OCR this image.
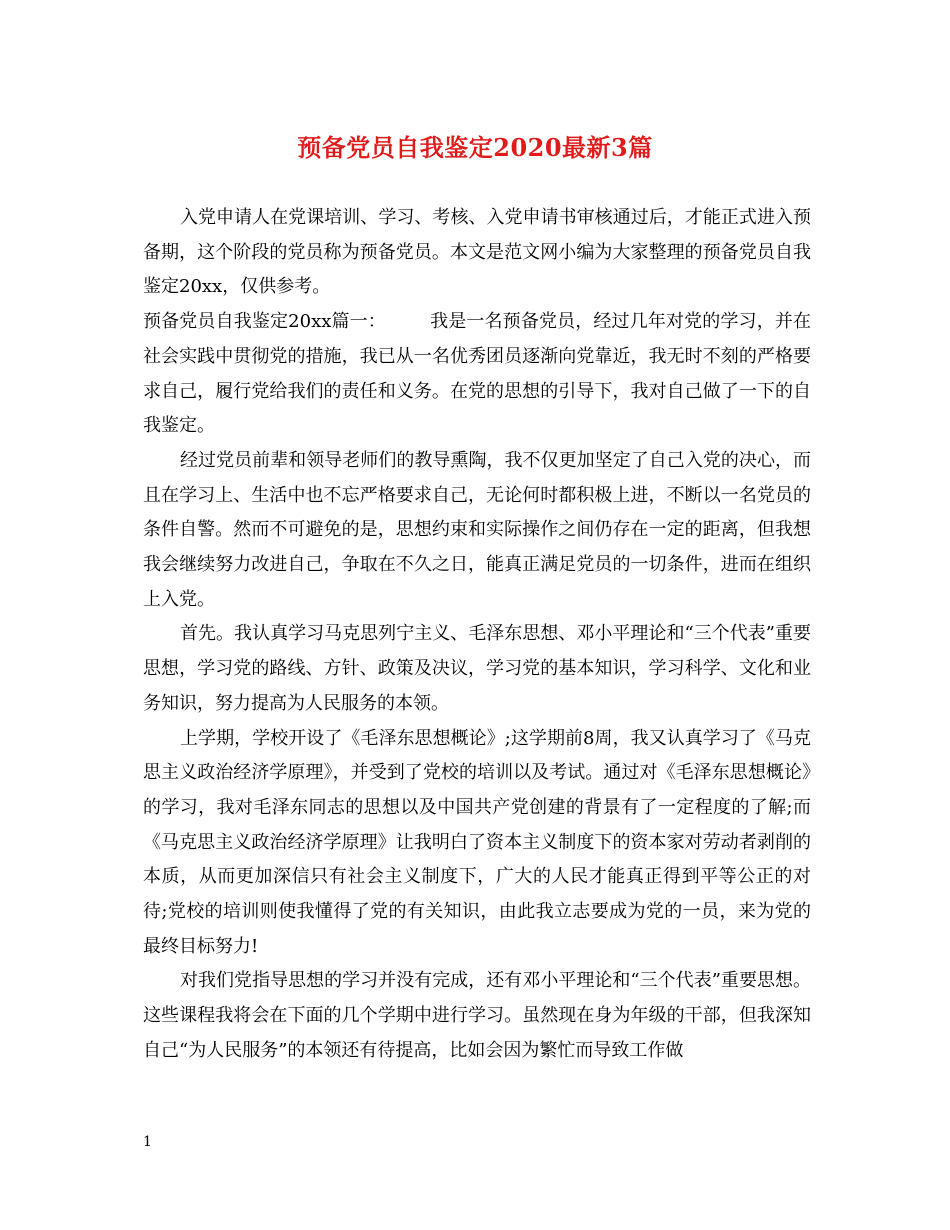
预备党员自我鉴定2020最新3篇

入党申请人在党课培训、学习、考核、入党申请书审核通过后，才能正式进入预备期，这个阶段的党员称为预备党员。本文是范文网小编为大家整理的预备党员自我鉴定20xx，仅供参考。

预备党员自我鉴定20xx篇一： 我是一名预备党员，经过几年对党的学习，并在社会实践中贯彻党的措施，我已从一名优秀团员逐渐向党靠近，我无时不刻的严格要求自己，履行党给我们的责任和义务。在党的思想的引导下，我对自己做了一下的自我鉴定。

经过党员前辈和领导老师们的教导熏陶，我不仅更加坚定了自己入党的决心，而且在学习上、生活中也不忘严格要求自己，无论何时都积极上进，不断以一名党员的条件自警。然而不可避免的是，思想约束和实际操作之间仍存在一定的距离，但我想我会继续努力改进自己，争取在不久之日，能真正满足党员的一切条件，进而在组织上入党。

首先。我认真学习马克思列宁主义、毛泽东思想、邓小平理论和“三个代表”重要思想，学习党的路线、方针、政策及决议，学习党的基本知识，学习科学、文化和业务知识，努力提高为人民服务的本领。

上学期，学校开设了《毛泽东思想概论》;这学期前8周，我又认真学习了《马克思主义政治经济学原理》，并受到了党校的培训以及考试。通过对《毛泽东思想概论》的学习，我对毛泽东同志的思想以及中国共产党创建的背景有了一定程度的了解;而《马克思主义政治经济学原理》让我明白了资本主义制度下的资本家对劳动者剥削的本质，从而更加深信只有社会主义制度下，广大的人民才能真正得到平等公正的对待;党校的培训则使我懂得了党的有关知识，由此我立志要成为党的一员，来为党的最终目标努力!

对我们党指导思想的学习并没有完成，还有邓小平理论和“三个代表”重要思想。这些课程我将会在下面的几个学期中进行学习。虽然现在身为年级的干部，但我深知自己“为人民服务”的本领还有待提高，比如会因为繁忙而导致工作做

1
